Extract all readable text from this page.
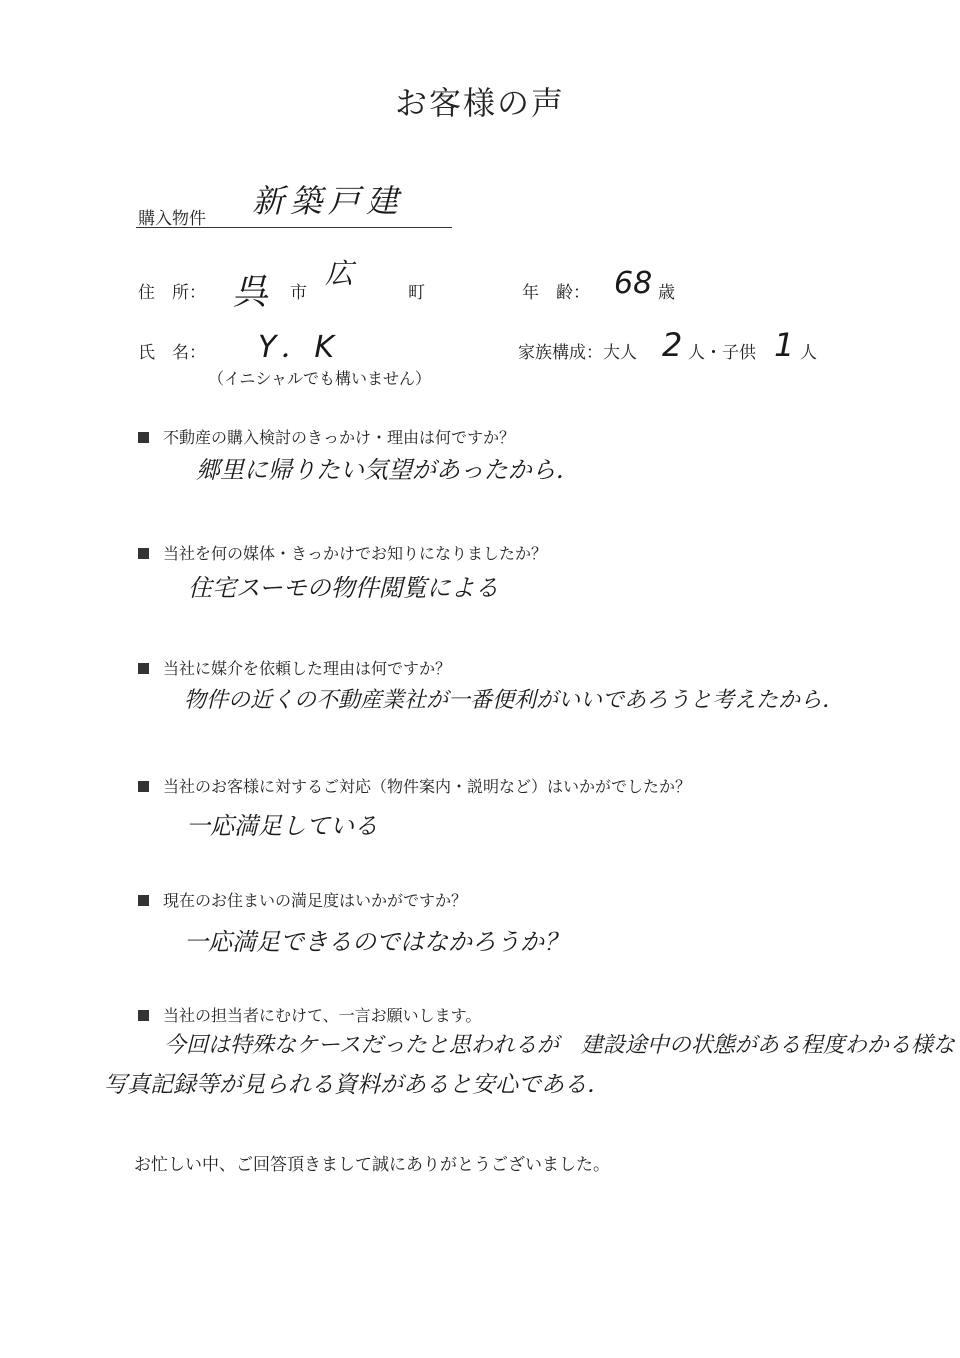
お客様の声
購入物件 新築戸建
住　所： 呉 市
広
町	年　齢： 68 歳
氏　名： Y．K
（イニシャルでも構いません）
家族構成：大人 2 人・子供 1 人
不動産の購入検討のきっかけ・理由は何ですか？
郷里に帰りたい気望があったから．
当社を何の媒体・きっかけでお知りになりましたか？
住宅スーモの物件閲覧による
当社に媒介を依頼した理由は何ですか？
物件の近くの不動産業社が一番便利がいいであろうと考えたから．
当社のお客様に対するご対応（物件案内・説明など）はいかがでしたか？
一応満足している
現在のお住まいの満足度はいかがですか？
一応満足できるのではなかろうか？
当社の担当者にむけて、一言お願いします。
今回は特殊なケースだったと思われるが　建設途中の状態がある程度わかる様な
写真記録等が見られる資料があると安心である．
お忙しい中、ご回答頂きまして誠にありがとうございました。
